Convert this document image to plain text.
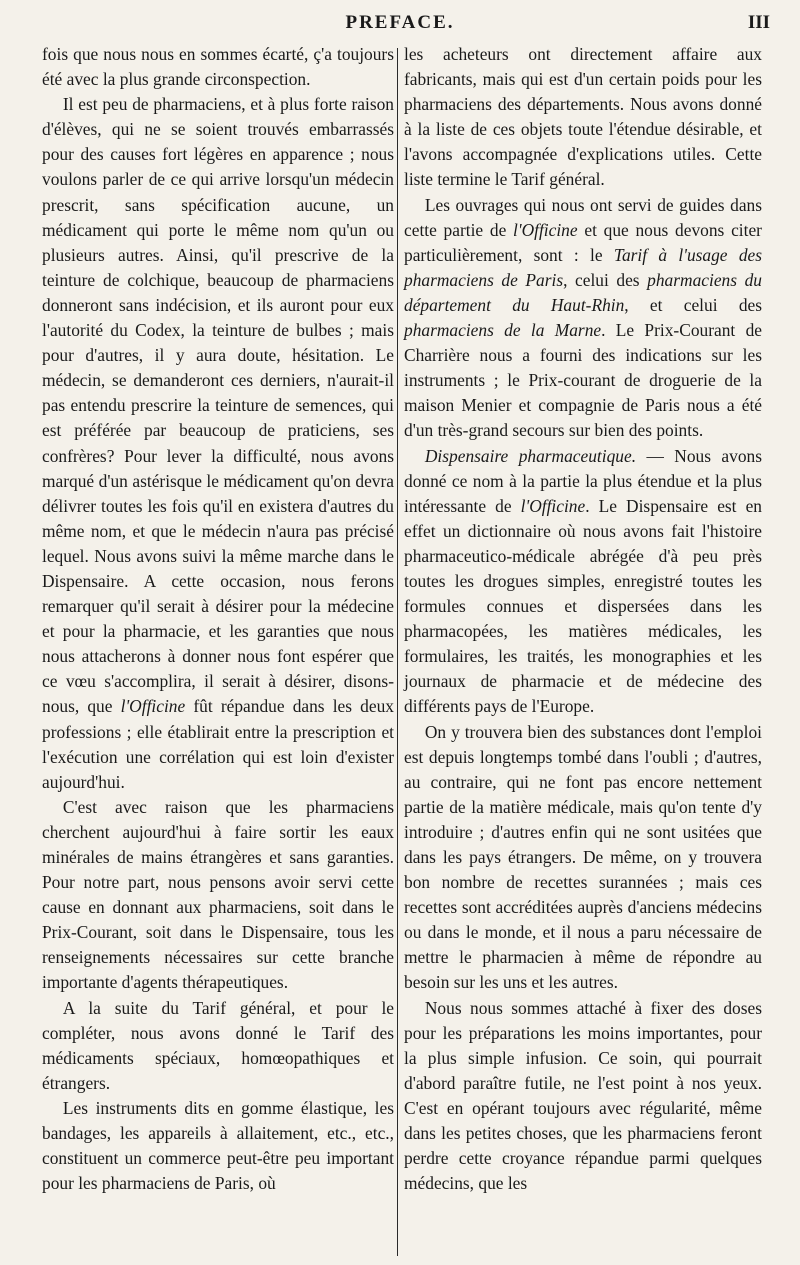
PREFACE.	III

fois que nous nous en sommes écarté, ç'a toujours été avec la plus grande circonspection.

Il est peu de pharmaciens, et à plus forte raison d'élèves, qui ne se soient trouvés embarrassés pour des causes fort légères en apparence ; nous voulons parler de ce qui arrive lorsqu'un médecin prescrit, sans spécification aucune, un médicament qui porte le même nom qu'un ou plusieurs autres. Ainsi, qu'il prescrive de la teinture de colchique, beaucoup de pharmaciens donneront sans indécision, et ils auront pour eux l'autorité du Codex, la teinture de bulbes ; mais pour d'autres, il y aura doute, hésitation. Le médecin, se demanderont ces derniers, n'aurait-il pas entendu prescrire la teinture de semences, qui est préférée par beaucoup de praticiens, ses confrères? Pour lever la difficulté, nous avons marqué d'un astérisque le médicament qu'on devra délivrer toutes les fois qu'il en existera d'autres du même nom, et que le médecin n'aura pas précisé lequel. Nous avons suivi la même marche dans le Dispensaire. A cette occasion, nous ferons remarquer qu'il serait à désirer pour la médecine et pour la pharmacie, et les garanties que nous nous attacherons à donner nous font espérer que ce vœu s'accomplira, il serait à désirer, disons-nous, que l'Officine fût répandue dans les deux professions ; elle établirait entre la prescription et l'exécution une corrélation qui est loin d'exister aujourd'hui.

C'est avec raison que les pharmaciens cherchent aujourd'hui à faire sortir les eaux minérales de mains étrangères et sans garanties. Pour notre part, nous pensons avoir servi cette cause en donnant aux pharmaciens, soit dans le Prix-Courant, soit dans le Dispensaire, tous les renseignements nécessaires sur cette branche importante d'agents thérapeutiques.

A la suite du Tarif général, et pour le compléter, nous avons donné le Tarif des médicaments spéciaux, homœopathiques et étrangers.

Les instruments dits en gomme élastique, les bandages, les appareils à allaitement, etc., etc., constituent un commerce peut-être peu important pour les pharmaciens de Paris, où

les acheteurs ont directement affaire aux fabricants, mais qui est d'un certain poids pour les pharmaciens des départements. Nous avons donné à la liste de ces objets toute l'étendue désirable, et l'avons accompagnée d'explications utiles. Cette liste termine le Tarif général.

Les ouvrages qui nous ont servi de guides dans cette partie de l'Officine et que nous devons citer particulièrement, sont : le Tarif à l'usage des pharmaciens de Paris, celui des pharmaciens du département du Haut-Rhin, et celui des pharmaciens de la Marne. Le Prix-Courant de Charrière nous a fourni des indications sur les instruments ; le Prix-courant de droguerie de la maison Menier et compagnie de Paris nous a été d'un très-grand secours sur bien des points.

Dispensaire pharmaceutique. — Nous avons donné ce nom à la partie la plus étendue et la plus intéressante de l'Officine. Le Dispensaire est en effet un dictionnaire où nous avons fait l'histoire pharmaceutico-médicale abrégée d'à peu près toutes les drogues simples, enregistré toutes les formules connues et dispersées dans les pharmacopées, les matières médicales, les formulaires, les traités, les monographies et les journaux de pharmacie et de médecine des différents pays de l'Europe.

On y trouvera bien des substances dont l'emploi est depuis longtemps tombé dans l'oubli ; d'autres, au contraire, qui ne font pas encore nettement partie de la matière médicale, mais qu'on tente d'y introduire ; d'autres enfin qui ne sont usitées que dans les pays étrangers. De même, on y trouvera bon nombre de recettes surannées ; mais ces recettes sont accréditées auprès d'anciens médecins ou dans le monde, et il nous a paru nécessaire de mettre le pharmacien à même de répondre au besoin sur les uns et les autres.

Nous nous sommes attaché à fixer des doses pour les préparations les moins importantes, pour la plus simple infusion. Ce soin, qui pourrait d'abord paraître futile, ne l'est point à nos yeux. C'est en opérant toujours avec régularité, même dans les petites choses, que les pharmaciens feront perdre cette croyance répandue parmi quelques médecins, que les
